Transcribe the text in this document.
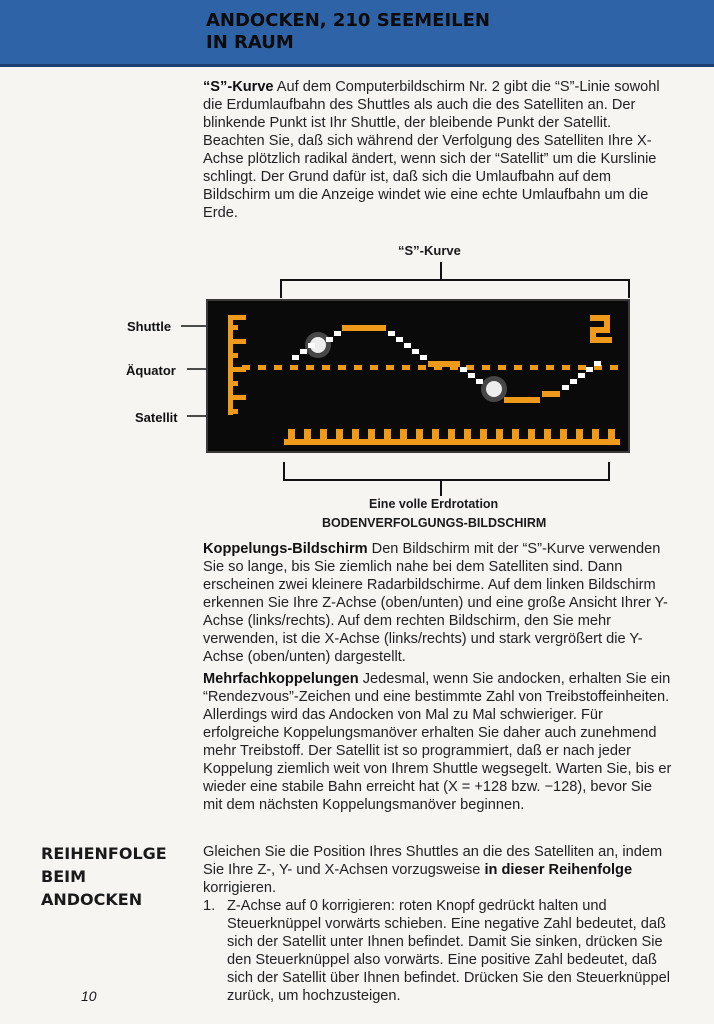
ANDOCKEN, 210 SEEMEILEN
IN RAUM
“S”-Kurve Auf dem Computerbildschirm Nr. 2 gibt die “S”-Linie sowohl die Erdumlaufbahn des Shuttles als auch die des Satelliten an. Der blinkende Punkt ist Ihr Shuttle, der bleibende Punkt der Satellit. Beachten Sie, daß sich während der Verfolgung des Satelliten Ihre X-Achse plötzlich radikal ändert, wenn sich der “Satellit” um die Kurslinie schlingt. Der Grund dafür ist, daß sich die Umlaufbahn auf dem Bildschirm um die Anzeige windet wie eine echte Umlaufbahn um die Erde.
“S”-Kurve
Shuttle
Äquator
Satellit
Eine volle Erdrotation
BODENVERFOLGUNGS-BILDSCHIRM
Koppelungs-Bildschirm Den Bildschirm mit der “S”-Kurve verwenden Sie so lange, bis Sie ziemlich nahe bei dem Satelliten sind. Dann erscheinen zwei kleinere Radarbildschirme. Auf dem linken Bildschirm erkennen Sie Ihre Z-Achse (oben/unten) und eine große Ansicht Ihrer Y-Achse (links/rechts). Auf dem rechten Bildschirm, den Sie mehr verwenden, ist die X-Achse (links/rechts) und stark vergrößert die Y-Achse (oben/unten) dargestellt.
Mehrfachkoppelungen Jedesmal, wenn Sie andocken, erhalten Sie ein “Rendezvous”-Zeichen und eine bestimmte Zahl von Treibstoffeinheiten. Allerdings wird das Andocken von Mal zu Mal schwieriger. Für erfolgreiche Koppelungsmanöver erhalten Sie daher auch zunehmend mehr Treibstoff. Der Satellit ist so programmiert, daß er nach jeder Koppelung ziemlich weit von Ihrem Shuttle wegsegelt. Warten Sie, bis er wieder eine stabile Bahn erreicht hat (X = +128 bzw. −128), bevor Sie mit dem nächsten Koppelungsmanöver beginnen.
REIHENFOLGE
BEIM
ANDOCKEN
Gleichen Sie die Position Ihres Shuttles an die des Satelliten an, indem Sie Ihre Z-, Y- und X-Achsen vorzugsweise in dieser Reihenfolge korrigieren.
1. Z-Achse auf 0 korrigieren: roten Knopf gedrückt halten und Steuerknüppel vorwärts schieben. Eine negative Zahl bedeutet, daß sich der Satellit unter Ihnen befindet. Damit Sie sinken, drücken Sie den Steuerknüppel also vorwärts. Eine positive Zahl bedeutet, daß sich der Satellit über Ihnen befindet. Drücken Sie den Steuerknüppel zurück, um hochzusteigen.
10
